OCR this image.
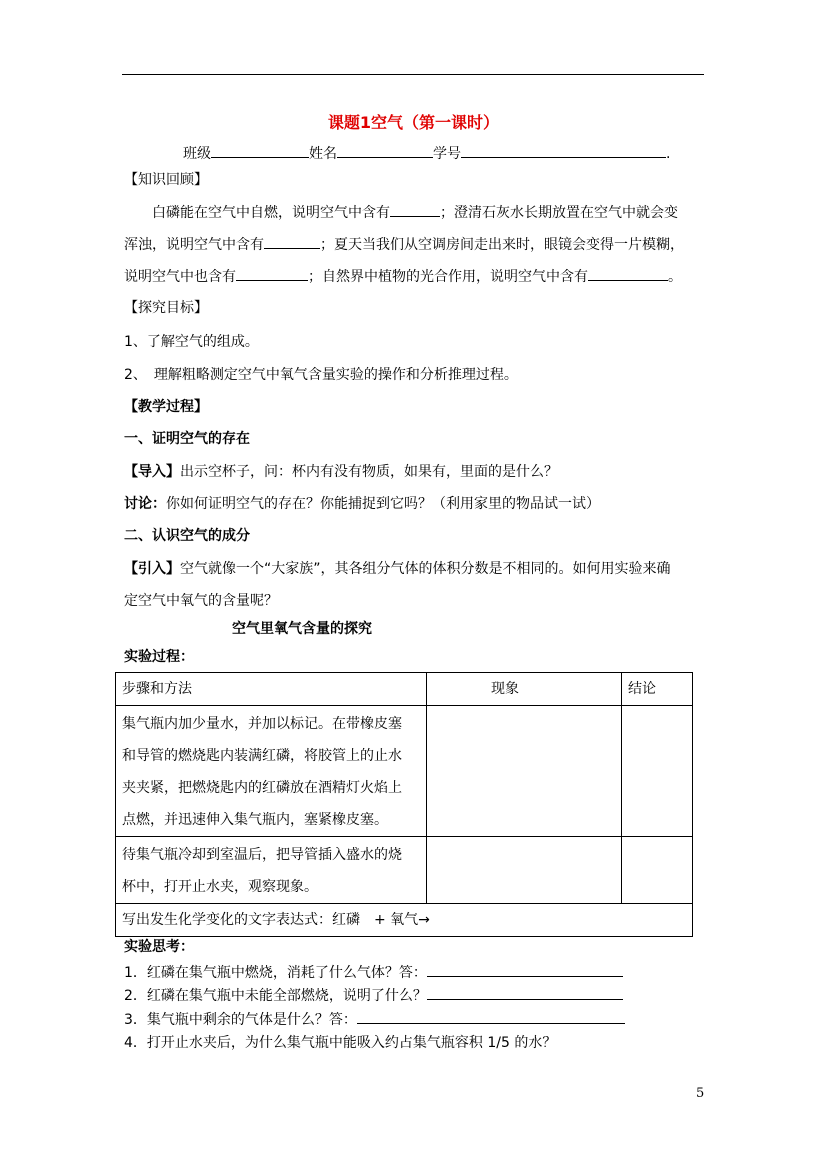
课题1空气（第一课时）
班级	姓名	学号	.
【知识回顾】
白磷能在空气中自燃，说明空气中含有	；澄清石灰水长期放置在空气中就会变
浑浊，说明空气中含有	；夏天当我们从空调房间走出来时，眼镜会变得一片模糊，
说明空气中也含有	；自然界中植物的光合作用，说明空气中含有	。
【探究目标】
1、了解空气的组成。
2、　理解粗略测定空气中氧气含量实验的操作和分析推理过程。
【教学过程】
一、证明空气的存在
【导入】出示空杯子，问：杯内有没有物质，如果有，里面的是什么？
讨论：你如何证明空气的存在？你能捕捉到它吗？（利用家里的物品试一试）
二、认识空气的成分
【引入】空气就像一个“大家族”，其各组分气体的体积分数是不相同的。如何用实验来确
定空气中氧气的含量呢？
空气里氧气含量的探究
实验过程：
步骤和方法	现象	结论

集气瓶内加少量水，并加以标记。在带橡皮塞
和导管的燃烧匙内装满红磷，将胶管上的止水
夹夹紧，把燃烧匙内的红磷放在酒精灯火焰上
点燃，并迅速伸入集气瓶内，塞紧橡皮塞。		

待集气瓶冷却到室温后，把导管插入盛水的烧
杯中，打开止水夹，观察现象。		

写出发生化学变化的文字表达式：红磷　+ 氧气→		
实验思考：
1．红磷在集气瓶中燃烧，消耗了什么气体？答：
2．红磷在集气瓶中未能全部燃烧，说明了什么？
3．集气瓶中剩余的气体是什么？答：
4．打开止水夹后，为什么集气瓶中能吸入约占集气瓶容积 1/5 的水？
5
